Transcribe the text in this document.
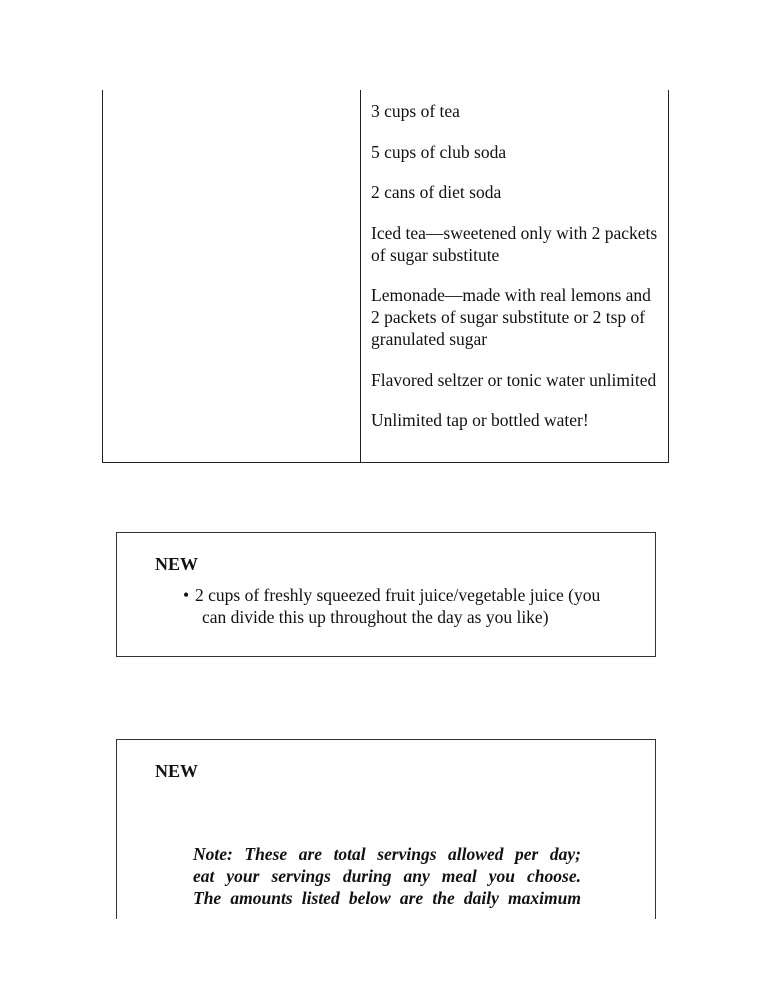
3 cups of tea
5 cups of club soda
2 cans of diet soda
Iced tea—sweetened only with 2 packets of sugar substitute
Lemonade—made with real lemons and 2 packets of sugar substitute or 2 tsp of granulated sugar
Flavored seltzer or tonic water unlimited
Unlimited tap or bottled water!
NEW
• 2 cups of freshly squeezed fruit juice/vegetable juice (you
can divide this up throughout the day as you like)
NEW
Note: These are total servings allowed per day;
eat your servings during any meal you choose.
The amounts listed below are the daily maximum
